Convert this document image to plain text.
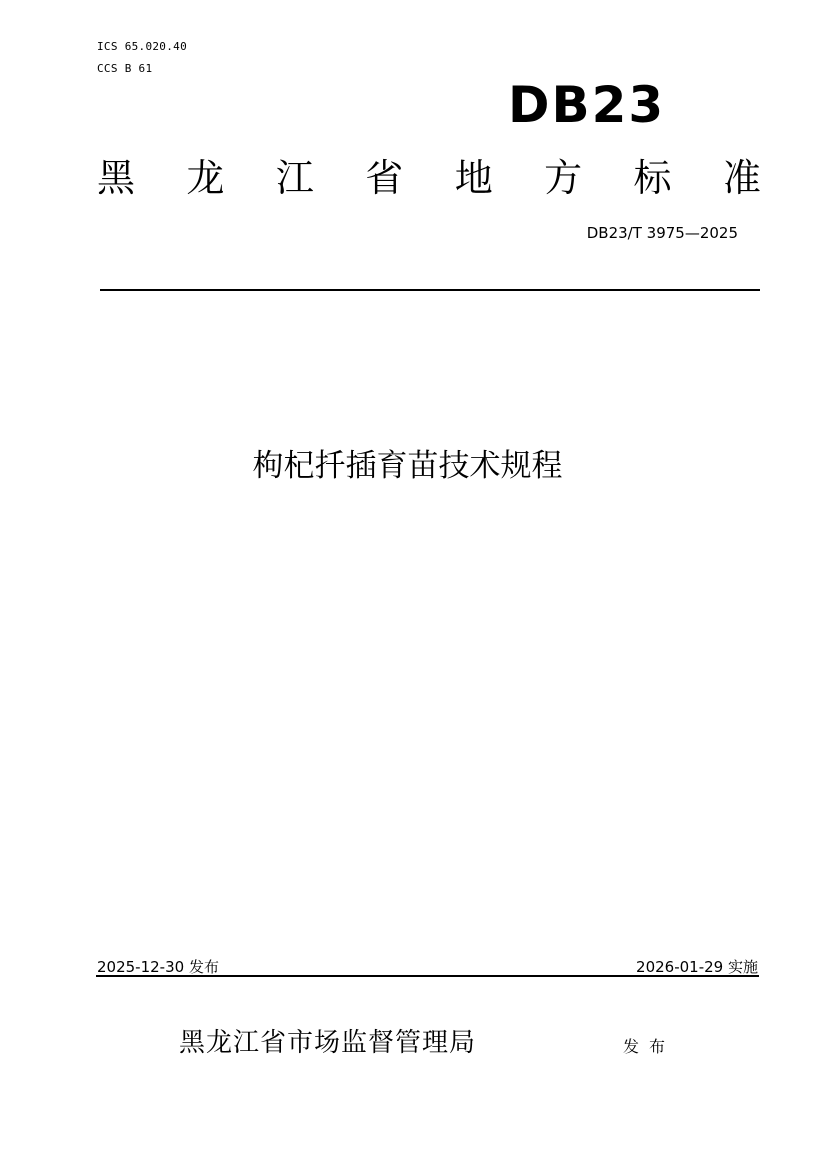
ICS 65.020.40
CCS B 61
DB23
黑 龙 江 省 地 方 标 准
DB23/T 3975—2025
枸杞扦插育苗技术规程
2025-12-30 发布	2026-01-29 实施
黑龙江省市场监督管理局	发布
